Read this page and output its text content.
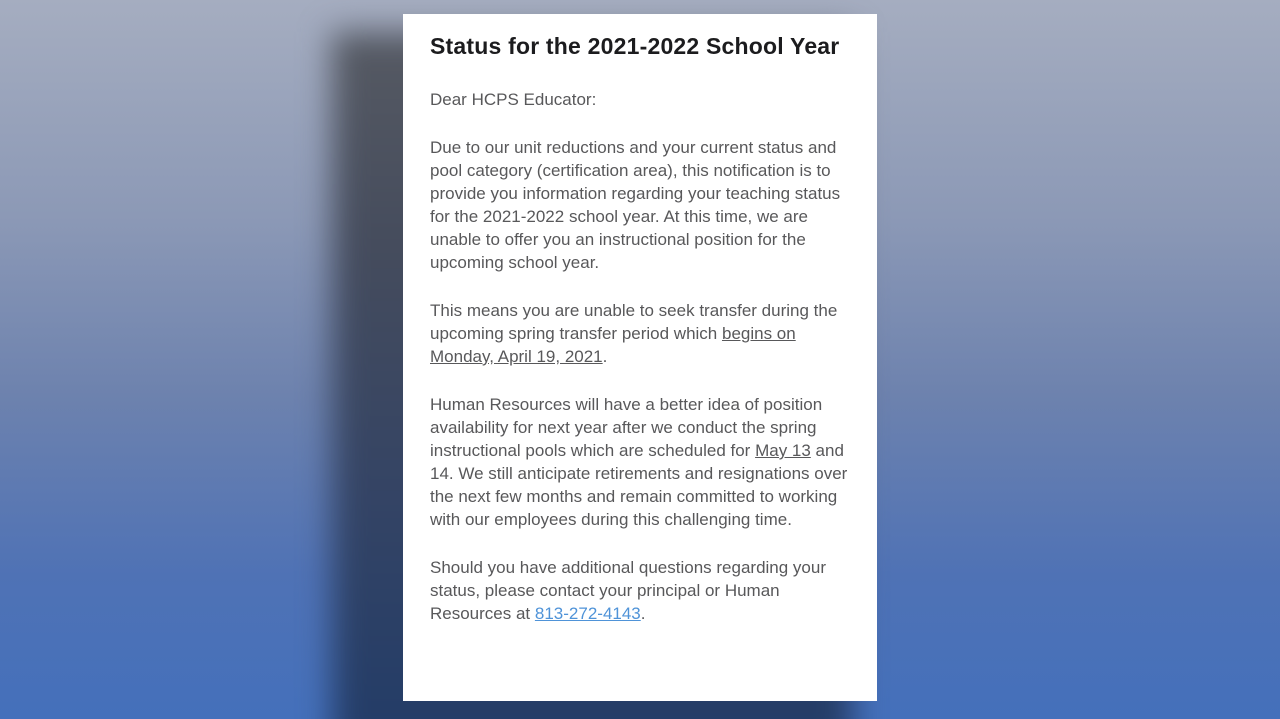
Status for the 2021-2022 School Year

Dear HCPS Educator:

Due to our unit reductions and your current status and pool category (certification area), this notification is to provide you information regarding your teaching status for the 2021-2022 school year. At this time, we are unable to offer you an instructional position for the upcoming school year.

This means you are unable to seek transfer during the upcoming spring transfer period which begins on Monday, April 19, 2021.

Human Resources will have a better idea of position availability for next year after we conduct the spring instructional pools which are scheduled for May 13 and 14. We still anticipate retirements and resignations over the next few months and remain committed to working with our employees during this challenging time.

Should you have additional questions regarding your status, please contact your principal or Human Resources at 813-272-4143.
